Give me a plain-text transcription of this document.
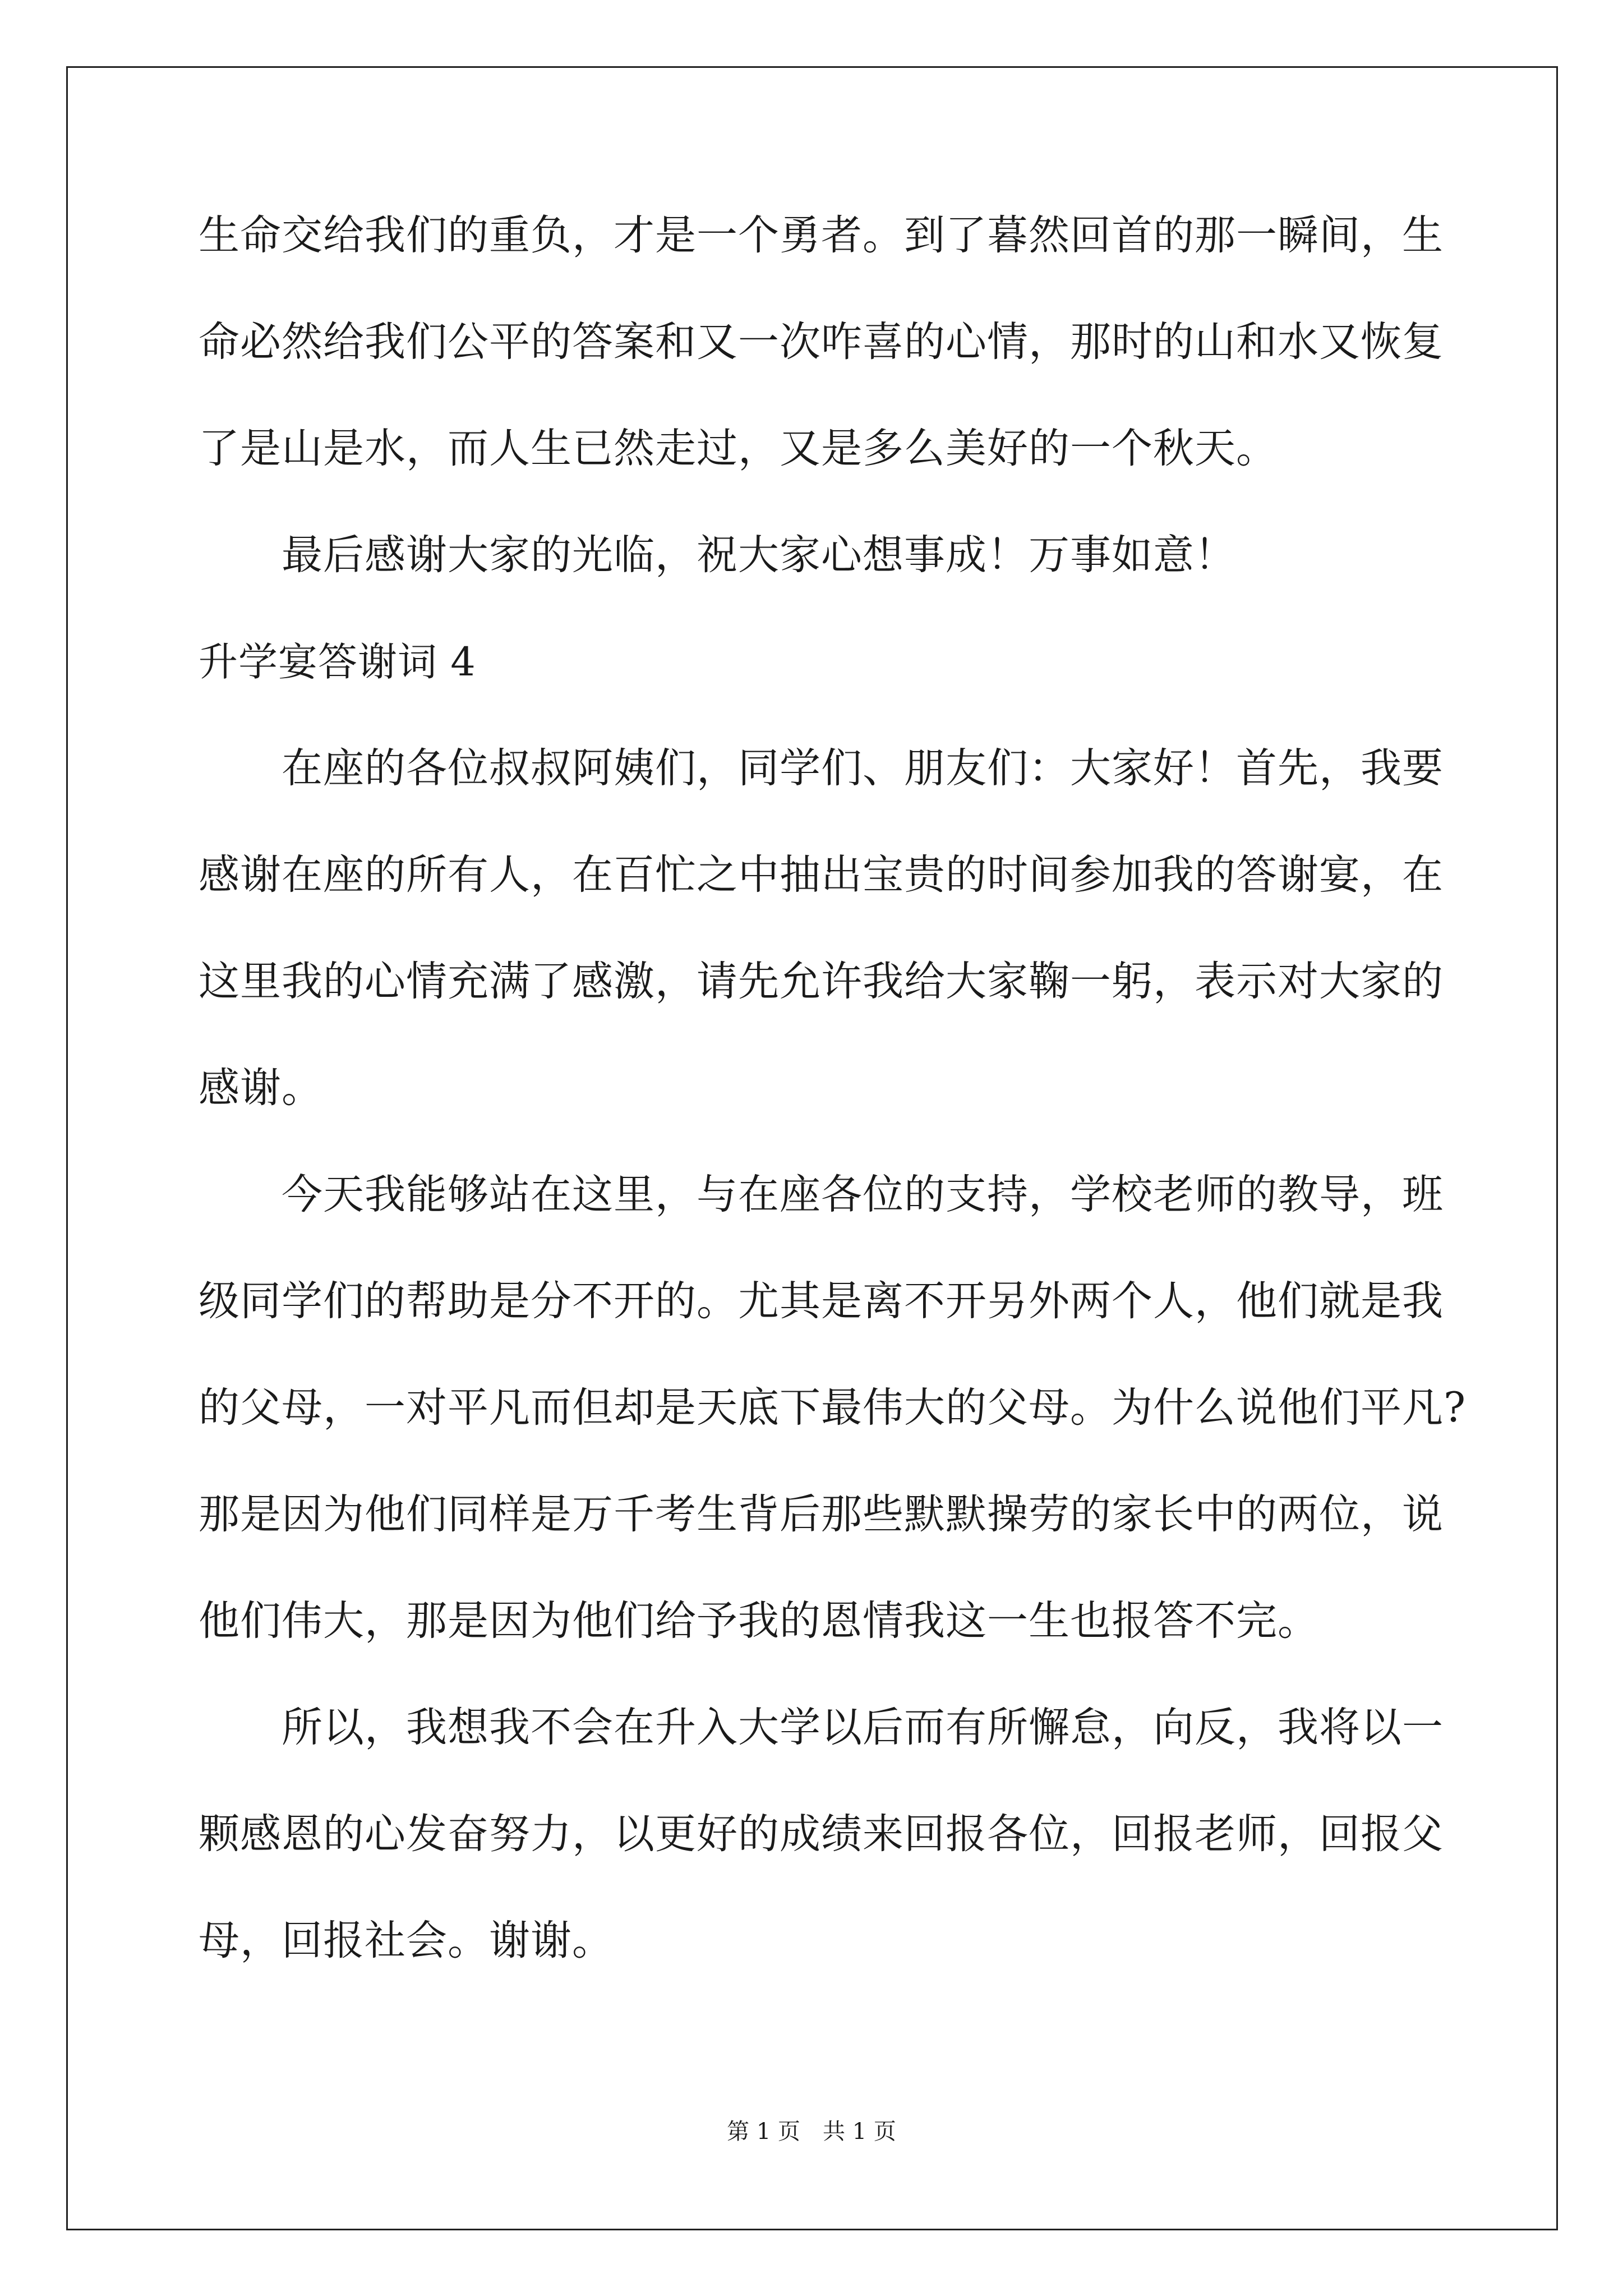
生命交给我们的重负，才是一个勇者。到了暮然回首的那一瞬间，生
命必然给我们公平的答案和又一次咋喜的心情，那时的山和水又恢复
了是山是水，而人生已然走过，又是多么美好的一个秋天。
最后感谢大家的光临，祝大家心想事成！万事如意！
升学宴答谢词 4
在座的各位叔叔阿姨们，同学们、朋友们：大家好！首先，我要
感谢在座的所有人，在百忙之中抽出宝贵的时间参加我的答谢宴，在
这里我的心情充满了感激，请先允许我给大家鞠一躬，表示对大家的
感谢。
今天我能够站在这里，与在座各位的支持，学校老师的教导，班
级同学们的帮助是分不开的。尤其是离不开另外两个人，他们就是我
的父母，一对平凡而但却是天底下最伟大的父母。为什么说他们平凡?
那是因为他们同样是万千考生背后那些默默操劳的家长中的两位，说
他们伟大，那是因为他们给予我的恩情我这一生也报答不完。
所以，我想我不会在升入大学以后而有所懈怠，向反，我将以一
颗感恩的心发奋努力，以更好的成绩来回报各位，回报老师，回报父
母，回报社会。谢谢。
第 1 页　共 1 页
